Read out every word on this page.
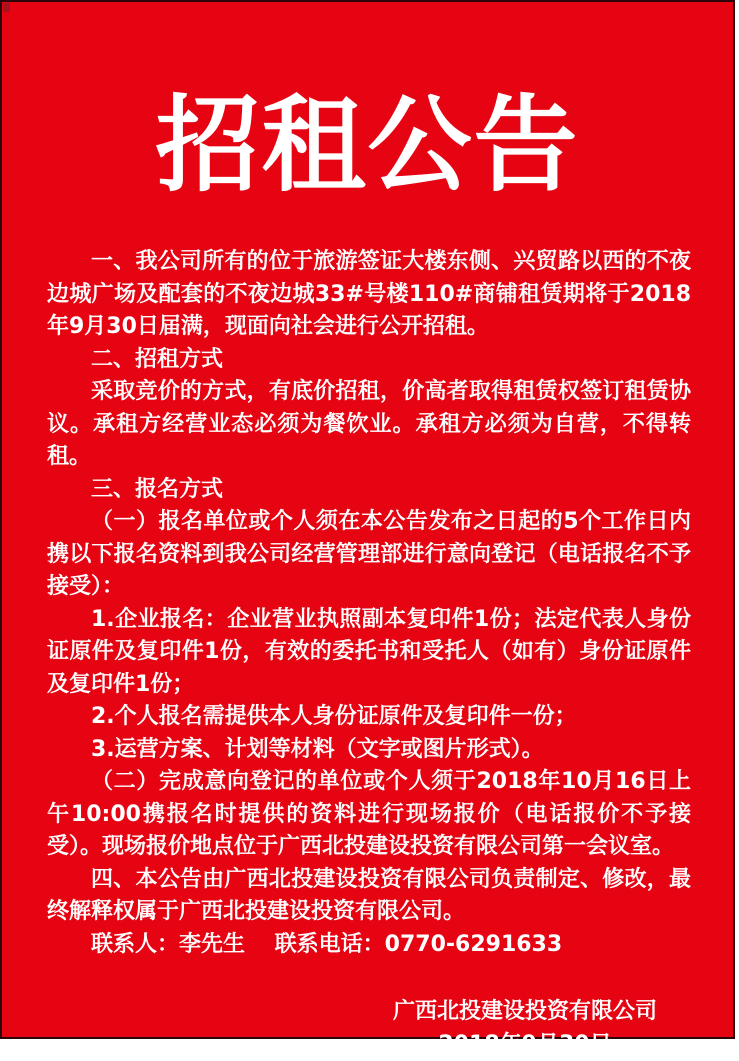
招租公告

一、我公司所有的位于旅游签证大楼东侧、兴贸路以西的不夜边城广场及配套的不夜边城33#号楼110#商铺租赁期将于2018年9月30日届满，现面向社会进行公开招租。

二、招租方式

采取竞价的方式，有底价招租，价高者取得租赁权签订租赁协议。承租方经营业态必须为餐饮业。承租方必须为自营，不得转租。

三、报名方式

（一）报名单位或个人须在本公告发布之日起的5个工作日内携以下报名资料到我公司经营管理部进行意向登记（电话报名不予接受）：

1.企业报名：企业营业执照副本复印件1份；法定代表人身份证原件及复印件1份，有效的委托书和受托人（如有）身份证原件及复印件1份；

2.个人报名需提供本人身份证原件及复印件一份；

3.运营方案、计划等材料（文字或图片形式）。

（二）完成意向登记的单位或个人须于2018年10月16日上午10:00携报名时提供的资料进行现场报价（电话报价不予接受）。现场报价地点位于广西北投建设投资有限公司第一会议室。

四、本公告由广西北投建设投资有限公司负责制定、修改，最终解释权属于广西北投建设投资有限公司。

联系人：李先生　 联系电话：0770-6291633

广西北投建设投资有限公司
2018年9月30日
